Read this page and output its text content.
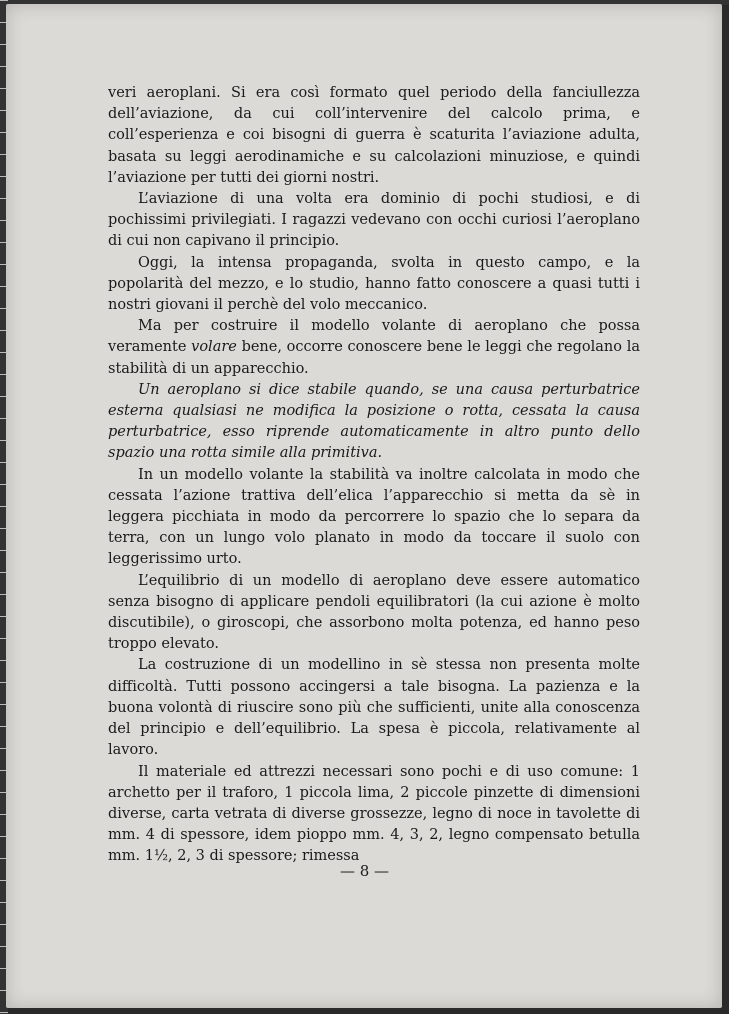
veri aeroplani. Si era così formato quel periodo della fanciullezza dell’aviazione, da cui coll’intervenire del calcolo prima, e coll’esperienza e coi bisogni di guerra è scaturita l’aviazione adulta, basata su leggi aerodinamiche e su calcolazioni minuziose, e quindi l’aviazione per tutti dei giorni nostri.

L’aviazione di una volta era dominio di pochi studiosi, e di pochissimi privilegiati. I ragazzi vedevano con occhi curiosi l’aeroplano di cui non capivano il principio.

Oggi, la intensa propaganda, svolta in questo campo, e la popolarità del mezzo, e lo studio, hanno fatto conoscere a quasi tutti i nostri giovani il perchè del volo meccanico.

Ma per costruire il modello volante di aeroplano che possa veramente volare bene, occorre conoscere bene le leggi che regolano la stabilità di un apparecchio.

Un aeroplano si dice stabile quando, se una causa perturbatrice esterna qualsiasi ne modifica la posizione o rotta, cessata la causa perturbatrice, esso riprende automaticamente in altro punto dello spazio una rotta simile alla primitiva.

In un modello volante la stabilità va inoltre calcolata in modo che cessata l’azione trattiva dell’elica l’apparecchio si metta da sè in leggera picchiata in modo da percorrere lo spazio che lo separa da terra, con un lungo volo planato in modo da toccare il suolo con leggerissimo urto.

L’equilibrio di un modello di aeroplano deve essere automatico senza bisogno di applicare pendoli equilibratori (la cui azione è molto discutibile), o giroscopi, che assorbono molta potenza, ed hanno peso troppo elevato.

La costruzione di un modellino in sè stessa non presenta molte difficoltà. Tutti possono accingersi a tale bisogna. La pazienza e la buona volontà di riuscire sono più che sufficienti, unite alla conoscenza del principio e dell’equilibrio. La spesa è piccola, relativamente al lavoro.

Il materiale ed attrezzi necessari sono pochi e di uso comune: 1 archetto per il traforo, 1 piccola lima, 2 piccole pinzette di dimensioni diverse, carta vetrata di diverse grossezze, legno di noce in tavolette di mm. 4 di spessore, idem pioppo mm. 4, 3, 2, legno compensato betulla mm. 1½, 2, 3 di spessore; rimessa

— 8 —
